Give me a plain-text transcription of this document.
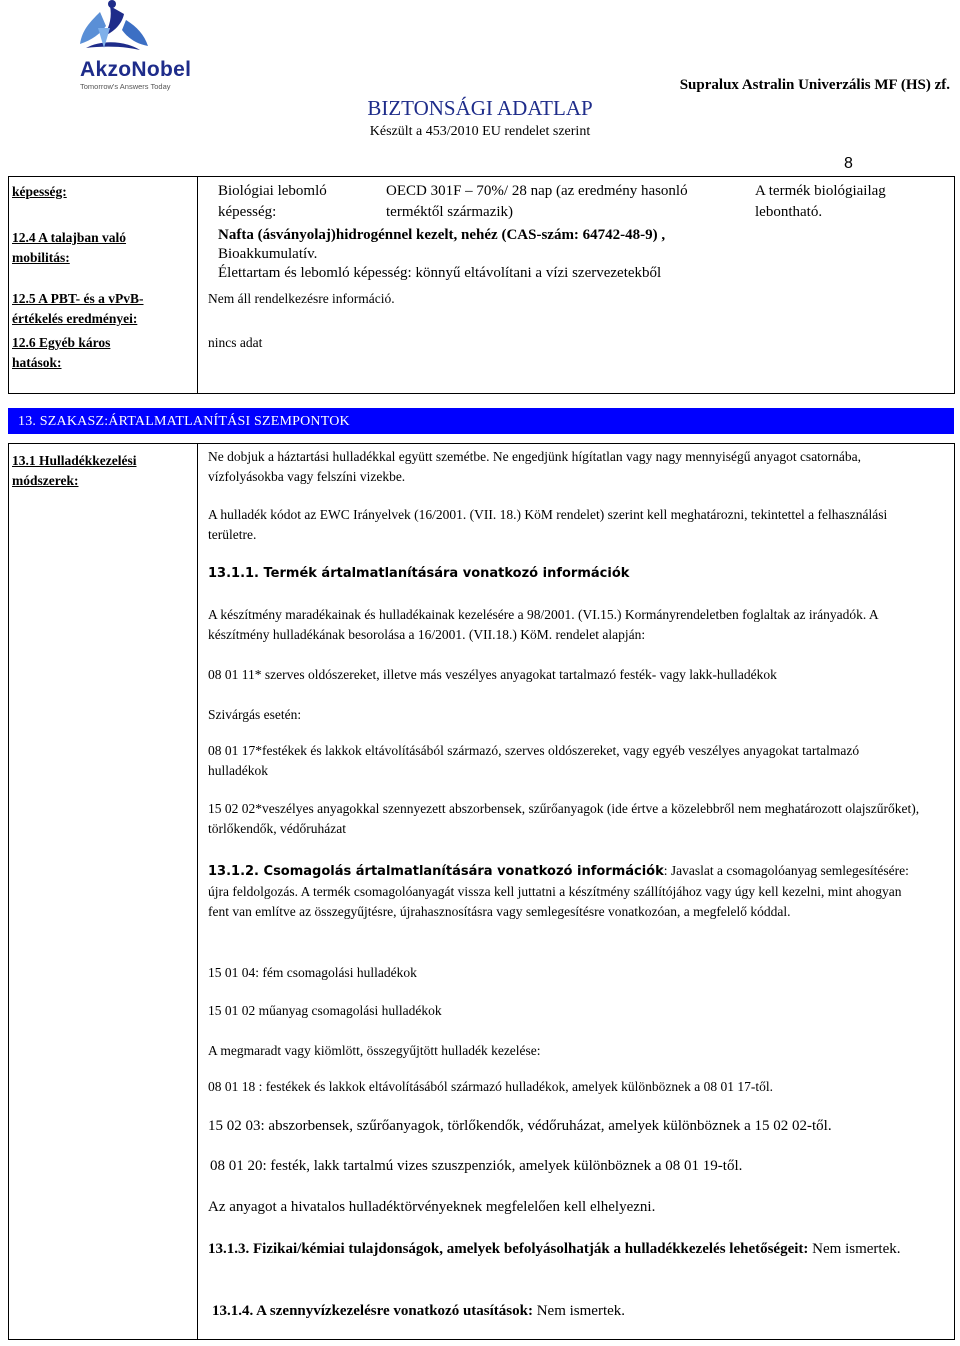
AkzoNobel
Tomorrow's Answers Today	Supralux Astralin Univerzális MF (HS) zf.
BIZTONSÁGI ADATLAP
Készült a 453/2010 EU rendelet szerint
8
képesség:	Biológiai lebomló képesség:
OECD 301F – 70%/ 28 nap (az eredmény hasonló terméktől származik)
A termék biológiailag lebontható.
12.4 A talajban való mobilitás:
Nafta (ásványolaj)hidrogénnel kezelt, nehéz (CAS-szám: 64742-48-9) ,
Bioakkumulatív.
Élettartam és lebomló képesség: könnyű eltávolítani a vízi szervezetekből
12.5 A PBT- és a vPvB-értékelés eredményei:
Nem áll rendelkezésre információ.
12.6 Egyéb káros hatások:
nincs adat
13. SZAKASZ:ÁRTALMATLANÍTÁSI SZEMPONTOK
13.1 Hulladékkezelési módszerek:
Ne dobjuk a háztartási hulladékkal együtt szemétbe. Ne engedjünk hígítatlan vagy nagy mennyiségű anyagot csatornába, vízfolyásokba vagy felszíni vizekbe.
A hulladék kódot az EWC Irányelvek (16/2001. (VII. 18.) KöM rendelet) szerint kell meghatározni, tekintettel a felhasználási területre.
13.1.1. Termék ártalmatlanítására vonatkozó információk
A készítmény maradékainak és hulladékainak kezelésére a 98/2001. (VI.15.) Kormányrendeletben foglaltak az irányadók. A készítmény hulladékának besorolása a 16/2001. (VII.18.) KöM. rendelet alapján:
08 01 11* szerves oldószereket, illetve más veszélyes anyagokat tartalmazó festék- vagy lakk-hulladékok
Szivárgás esetén:
08 01 17*festékek és lakkok eltávolításából származó, szerves oldószereket, vagy egyéb veszélyes anyagokat tartalmazó hulladékok
15 02 02*veszélyes anyagokkal szennyezett abszorbensek, szűrőanyagok (ide értve a közelebbről nem meghatározott olajszűrőket), törlőkendők, védőruházat
13.1.2. Csomagolás ártalmatlanítására vonatkozó információk: Javaslat a csomagolóanyag semlegesítésére: újra feldolgozás. A termék csomagolóanyagát vissza kell juttatni a készítmény szállítójához vagy úgy kell kezelni, mint ahogyan fent van említve az összegyűjtésre, újrahasznosításra vagy semlegesítésre vonatkozóan, a megfelelő kóddal.
15 01 04: fém csomagolási hulladékok
15 01 02 műanyag csomagolási hulladékok
A megmaradt vagy kiömlött, összegyűjtött hulladék kezelése:
08 01 18 : festékek és lakkok eltávolításából származó hulladékok, amelyek különböznek a 08 01 17-től.
15 02 03: abszorbensek, szűrőanyagok, törlőkendők, védőruházat, amelyek különböznek a 15 02 02-től.
08 01 20: festék, lakk tartalmú vizes szuszpenziók, amelyek különböznek a 08 01 19-től.
Az anyagot a hivatalos hulladéktörvényeknek megfelelően kell elhelyezni.
13.1.3. Fizikai/kémiai tulajdonságok, amelyek befolyásolhatják a hulladékkezelés lehetőségeit: Nem ismertek.
13.1.4. A szennyvízkezelésre vonatkozó utasítások: Nem ismertek.
